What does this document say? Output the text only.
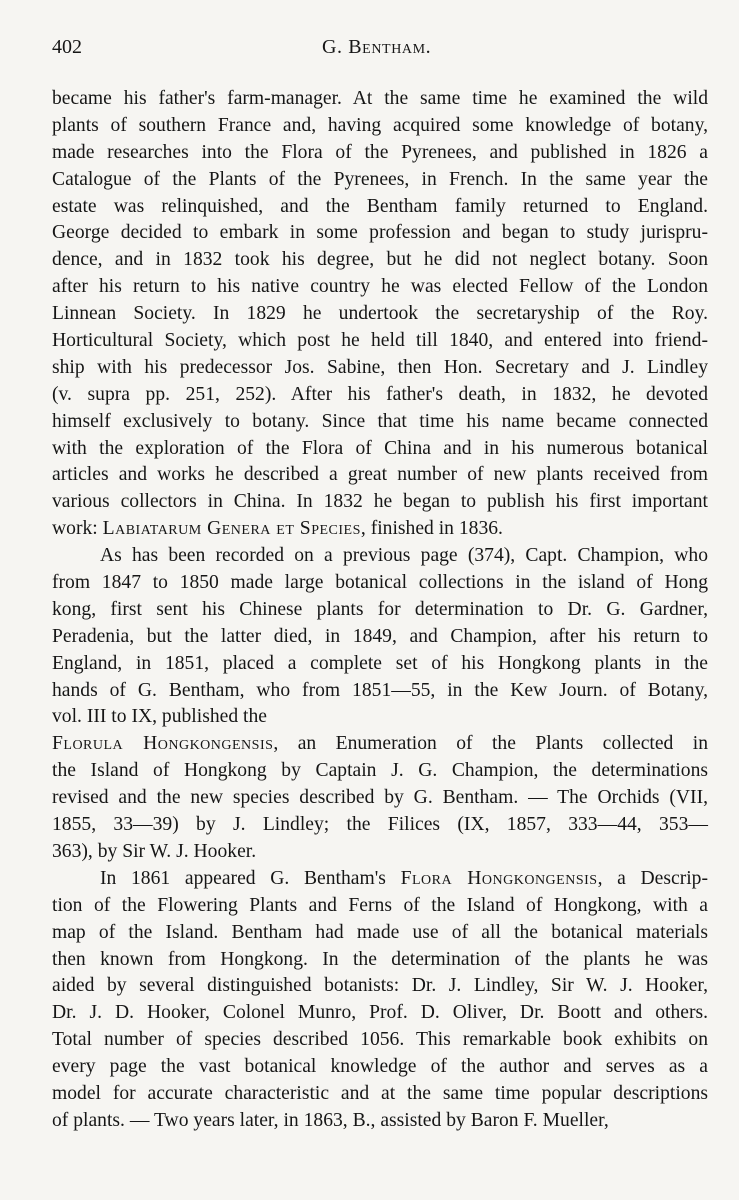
402	G. Bentham.
became his father's farm-manager. At the same time he examined the wild
plants of southern France and, having acquired some knowledge of botany,
made researches into the Flora of the Pyrenees, and published in 1826 a
Catalogue of the Plants of the Pyrenees, in French. In the same year the
estate was relinquished, and the Bentham family returned to England.
George decided to embark in some profession and began to study jurispru-
dence, and in 1832 took his degree, but he did not neglect botany. Soon
after his return to his native country he was elected Fellow of the London
Linnean Society. In 1829 he undertook the secretaryship of the Roy.
Horticultural Society, which post he held till 1840, and entered into friend-
ship with his predecessor Jos. Sabine, then Hon. Secretary and J. Lindley
(v. supra pp. 251, 252). After his father's death, in 1832, he devoted
himself exclusively to botany. Since that time his name became connected
with the exploration of the Flora of China and in his numerous botanical
articles and works he described a great number of new plants received from
various collectors in China. In 1832 he began to publish his first important
work: Labiatarum Genera et Species, finished in 1836.
As has been recorded on a previous page (374), Capt. Champion, who
from 1847 to 1850 made large botanical collections in the island of Hong
kong, first sent his Chinese plants for determination to Dr. G. Gardner,
Peradenia, but the latter died, in 1849, and Champion, after his return to
England, in 1851, placed a complete set of his Hongkong plants in the
hands of G. Bentham, who from 1851—55, in the Kew Journ. of Botany,
vol. III to IX, published the
Florula Hongkongensis, an Enumeration of the Plants collected in
the Island of Hongkong by Captain J. G. Champion, the determinations
revised and the new species described by G. Bentham. — The Orchids (VII,
1855, 33—39) by J. Lindley; the Filices (IX, 1857, 333—44, 353—
363), by Sir W. J. Hooker.
In 1861 appeared G. Bentham's Flora Hongkongensis, a Descrip-
tion of the Flowering Plants and Ferns of the Island of Hongkong, with a
map of the Island. Bentham had made use of all the botanical materials
then known from Hongkong. In the determination of the plants he was
aided by several distinguished botanists: Dr. J. Lindley, Sir W. J. Hooker,
Dr. J. D. Hooker, Colonel Munro, Prof. D. Oliver, Dr. Boott and others.
Total number of species described 1056. This remarkable book exhibits on
every page the vast botanical knowledge of the author and serves as a
model for accurate characteristic and at the same time popular descriptions
of plants. — Two years later, in 1863, B., assisted by Baron F. Mueller,
